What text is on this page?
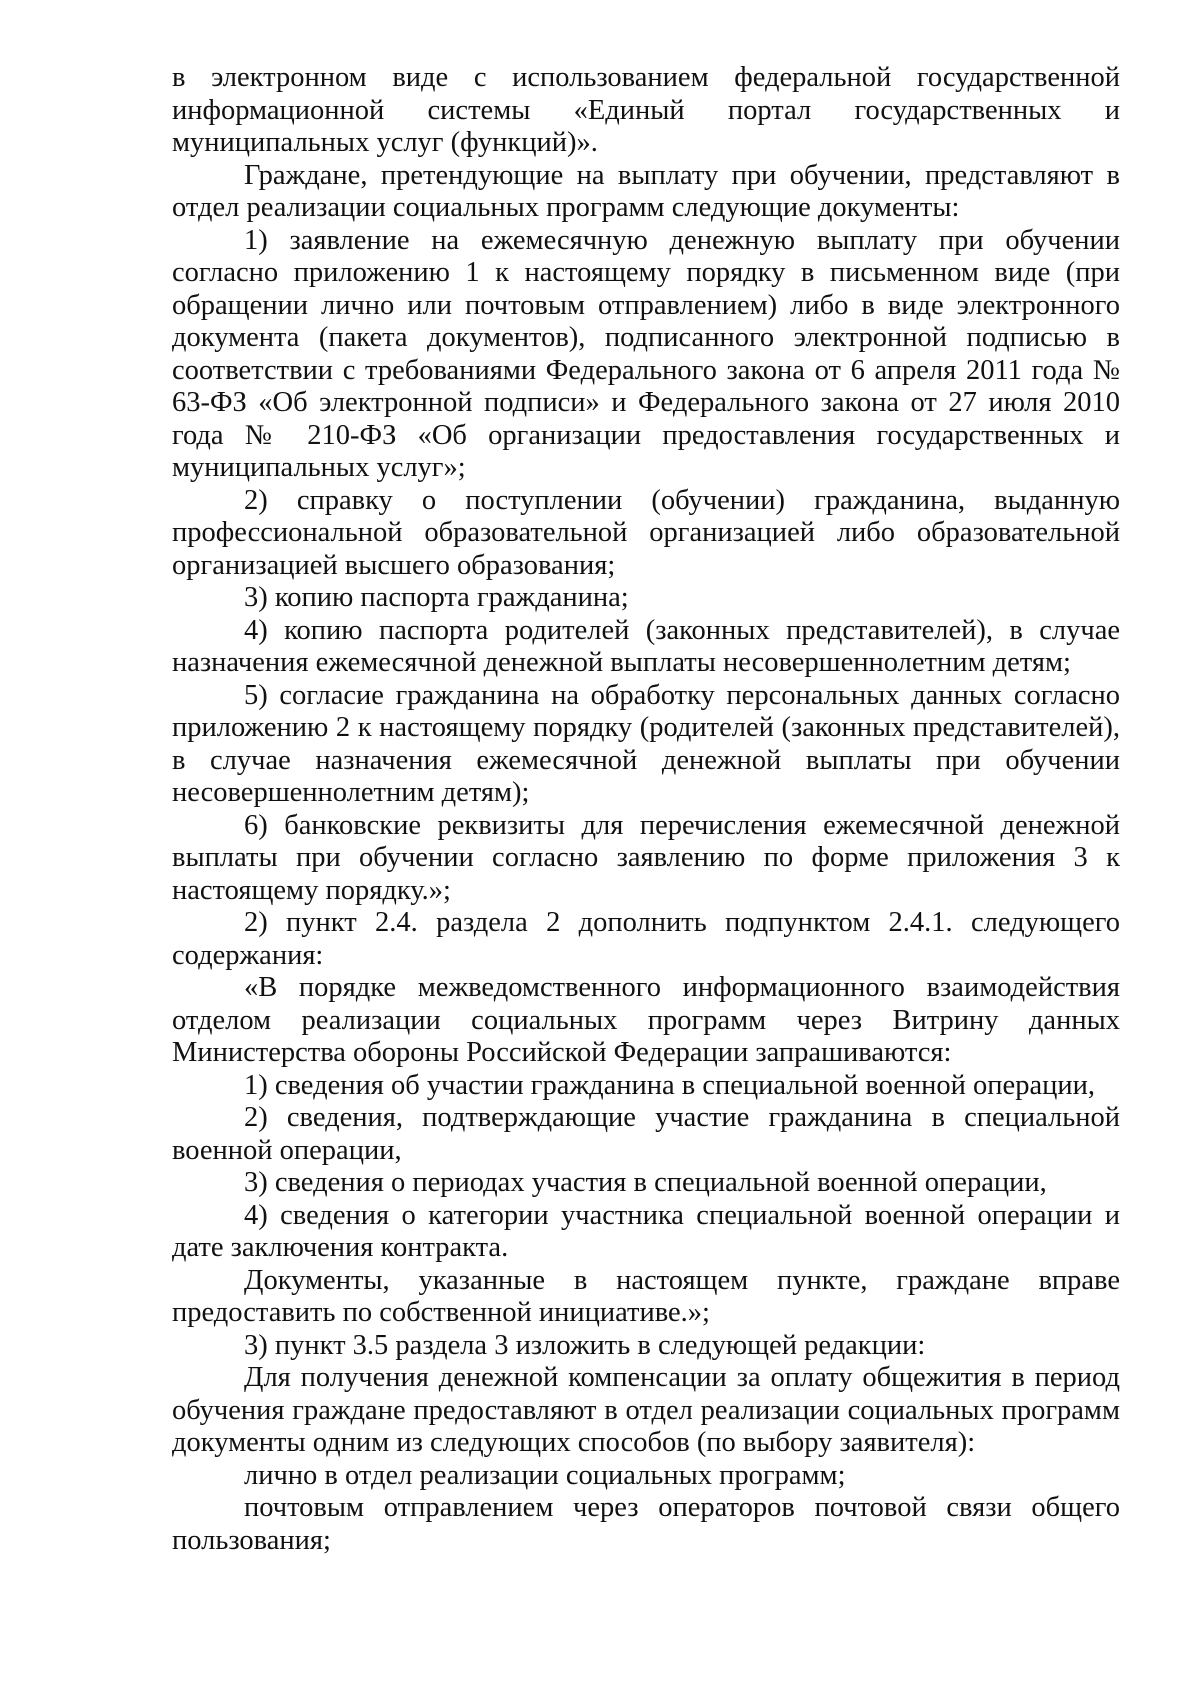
в электронном виде с использованием федеральной государственной информационной системы «Единый портал государственных и муниципальных услуг (функций)».

Граждане, претендующие на выплату при обучении, представляют в отдел реализации социальных программ следующие документы:

1) заявление на ежемесячную денежную выплату при обучении согласно приложению 1 к настоящему порядку в письменном виде (при обращении лично или почтовым отправлением) либо в виде электронного документа (пакета документов), подписанного электронной подписью в соответствии с требованиями Федерального закона от 6 апреля 2011 года № 63-ФЗ «Об электронной подписи» и Федерального закона от 27 июля 2010 года № 210-ФЗ «Об организации предоставления государственных и муниципальных услуг»;

2) справку о поступлении (обучении) гражданина, выданную профессиональной образовательной организацией либо образовательной организацией высшего образования;

3) копию паспорта гражданина;

4) копию паспорта родителей (законных представителей), в случае назначения ежемесячной денежной выплаты несовершеннолетним детям;

5) согласие гражданина на обработку персональных данных согласно приложению 2 к настоящему порядку (родителей (законных представителей), в случае назначения ежемесячной денежной выплаты при обучении несовершеннолетним детям);

6) банковские реквизиты для перечисления ежемесячной денежной выплаты при обучении согласно заявлению по форме приложения 3 к настоящему порядку.»;

2) пункт 2.4. раздела 2 дополнить подпунктом 2.4.1. следующего содержания:

«В порядке межведомственного информационного взаимодействия отделом реализации социальных программ через Витрину данных Министерства обороны Российской Федерации запрашиваются:

1) сведения об участии гражданина в специальной военной операции,

2) сведения, подтверждающие участие гражданина в специальной военной операции,

3) сведения о периодах участия в специальной военной операции,

4) сведения о категории участника специальной военной операции и дате заключения контракта.

Документы, указанные в настоящем пункте, граждане вправе предоставить по собственной инициативе.»;

3) пункт 3.5 раздела 3 изложить в следующей редакции:

Для получения денежной компенсации за оплату общежития в период обучения граждане предоставляют в отдел реализации социальных программ документы одним из следующих способов (по выбору заявителя):

лично в отдел реализации социальных программ;

почтовым отправлением через операторов почтовой связи общего пользования;
